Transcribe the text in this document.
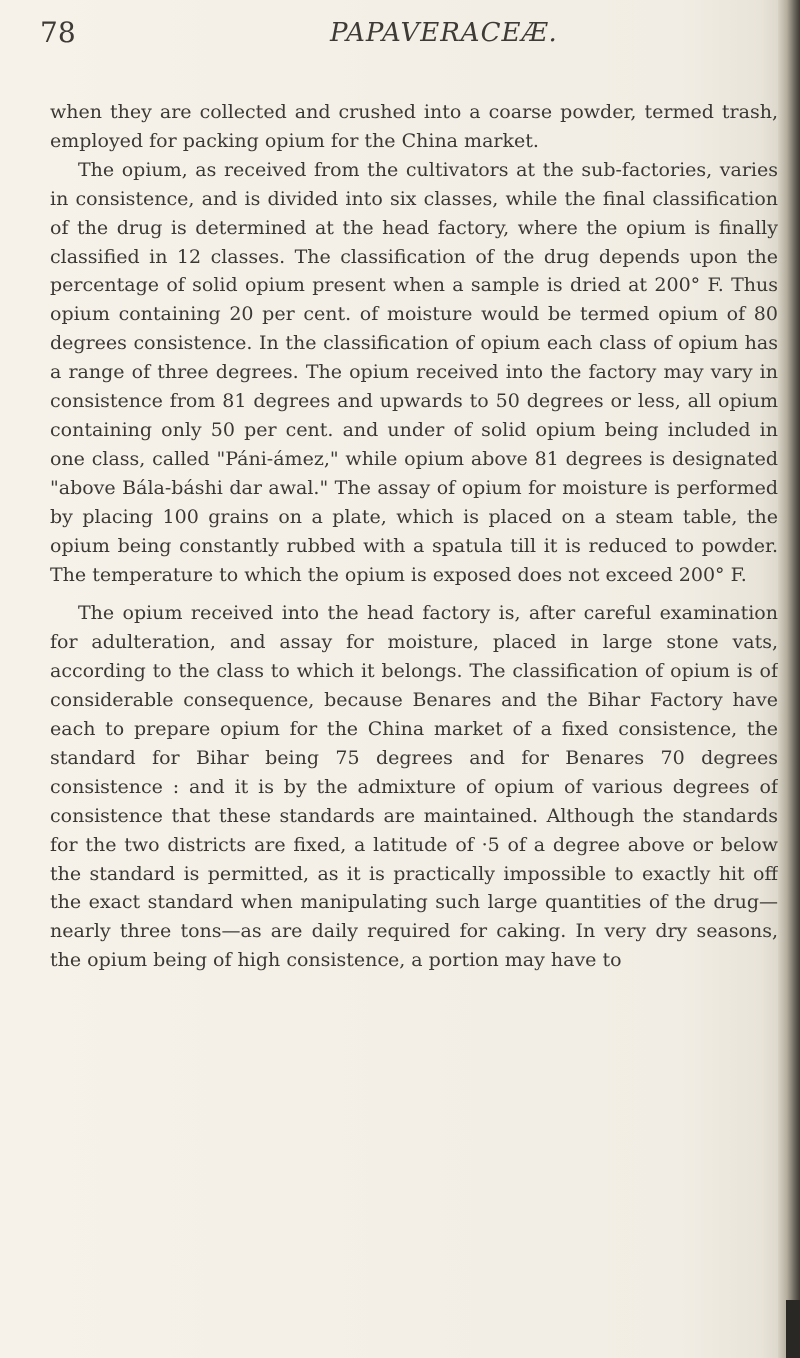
78	PAPAVERACEÆ.

when they are collected and crushed into a coarse powder, termed trash, employed for packing opium for the China market.

The opium, as received from the cultivators at the sub-factories, varies in consistence, and is divided into six classes, while the final classification of the drug is determined at the head factory, where the opium is finally classified in 12 classes. The classification of the drug depends upon the percentage of solid opium present when a sample is dried at 200° F. Thus opium containing 20 per cent. of moisture would be termed opium of 80 degrees consistence. In the classification of opium each class of opium has a range of three degrees. The opium received into the factory may vary in consistence from 81 degrees and upwards to 50 degrees or less, all opium containing only 50 per cent. and under of solid opium being included in one class, called "Páni-ámez," while opium above 81 degrees is designated "above Bála-báshi dar awal." The assay of opium for moisture is performed by placing 100 grains on a plate, which is placed on a steam table, the opium being constantly rubbed with a spatula till it is reduced to powder. The temperature to which the opium is exposed does not exceed 200° F.

The opium received into the head factory is, after careful examination for adulteration, and assay for moisture, placed in large stone vats, according to the class to which it belongs. The classification of opium is of considerable consequence, because Benares and the Bihar Factory have each to prepare opium for the China market of a fixed consistence, the standard for Bihar being 75 degrees and for Benares 70 degrees consistence : and it is by the admixture of opium of various degrees of consistence that these standards are maintained. Although the standards for the two districts are fixed, a latitude of ·5 of a degree above or below the standard is permitted, as it is practically impossible to exactly hit off the exact standard when manipulating such large quantities of the drug—nearly three tons—as are daily required for caking. In very dry seasons, the opium being of high consistence, a portion may have to
